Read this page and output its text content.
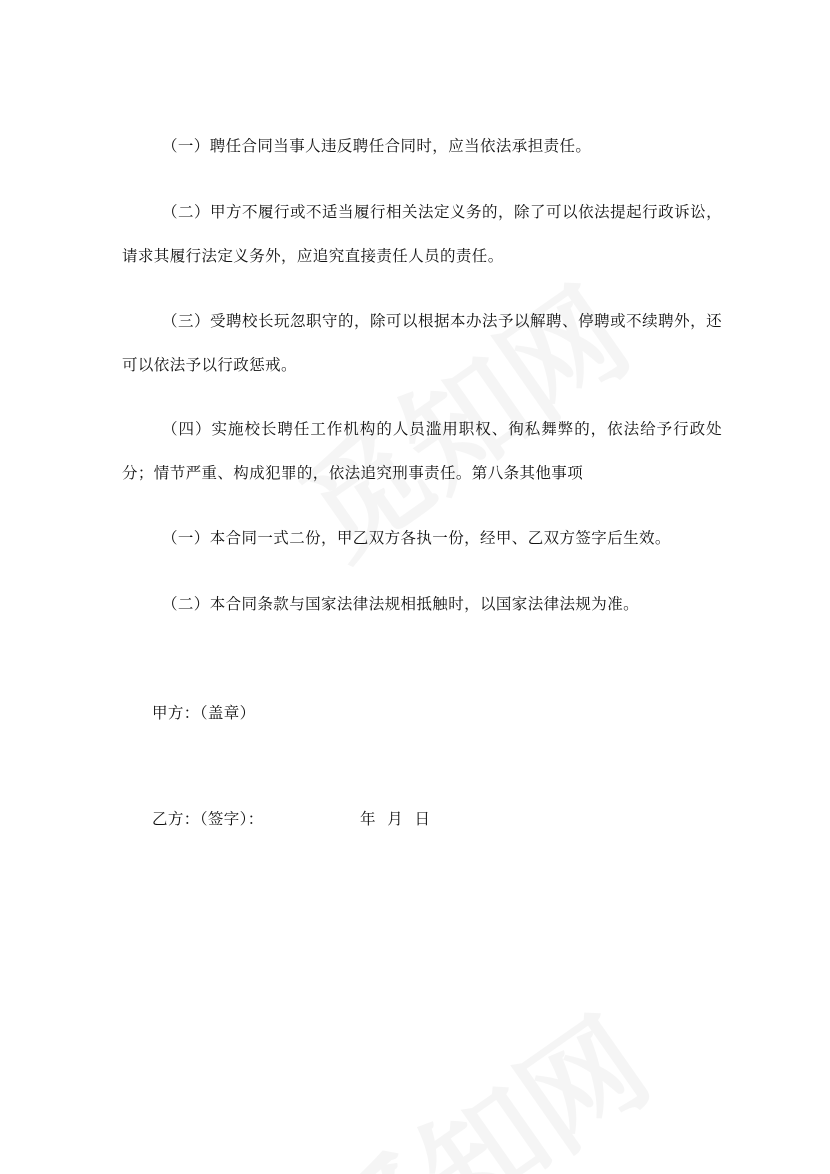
（一）聘任合同当事人违反聘任合同时，应当依法承担责任。

（二）甲方不履行或不适当履行相关法定义务的，除了可以依法提起行政诉讼，请求其履行法定义务外，应追究直接责任人员的责任。

（三）受聘校长玩忽职守的，除可以根据本办法予以解聘、停聘或不续聘外，还可以依法予以行政惩戒。

（四）实施校长聘任工作机构的人员滥用职权、徇私舞弊的，依法给予行政处分；情节严重、构成犯罪的，依法追究刑事责任。第八条其他事项

（一）本合同一式二份，甲乙双方各执一份，经甲、乙双方签字后生效。

（二）本合同条款与国家法律法规相抵触时，以国家法律法规为准。

甲方：（盖章）
乙方：（签字）：	年 月 日
